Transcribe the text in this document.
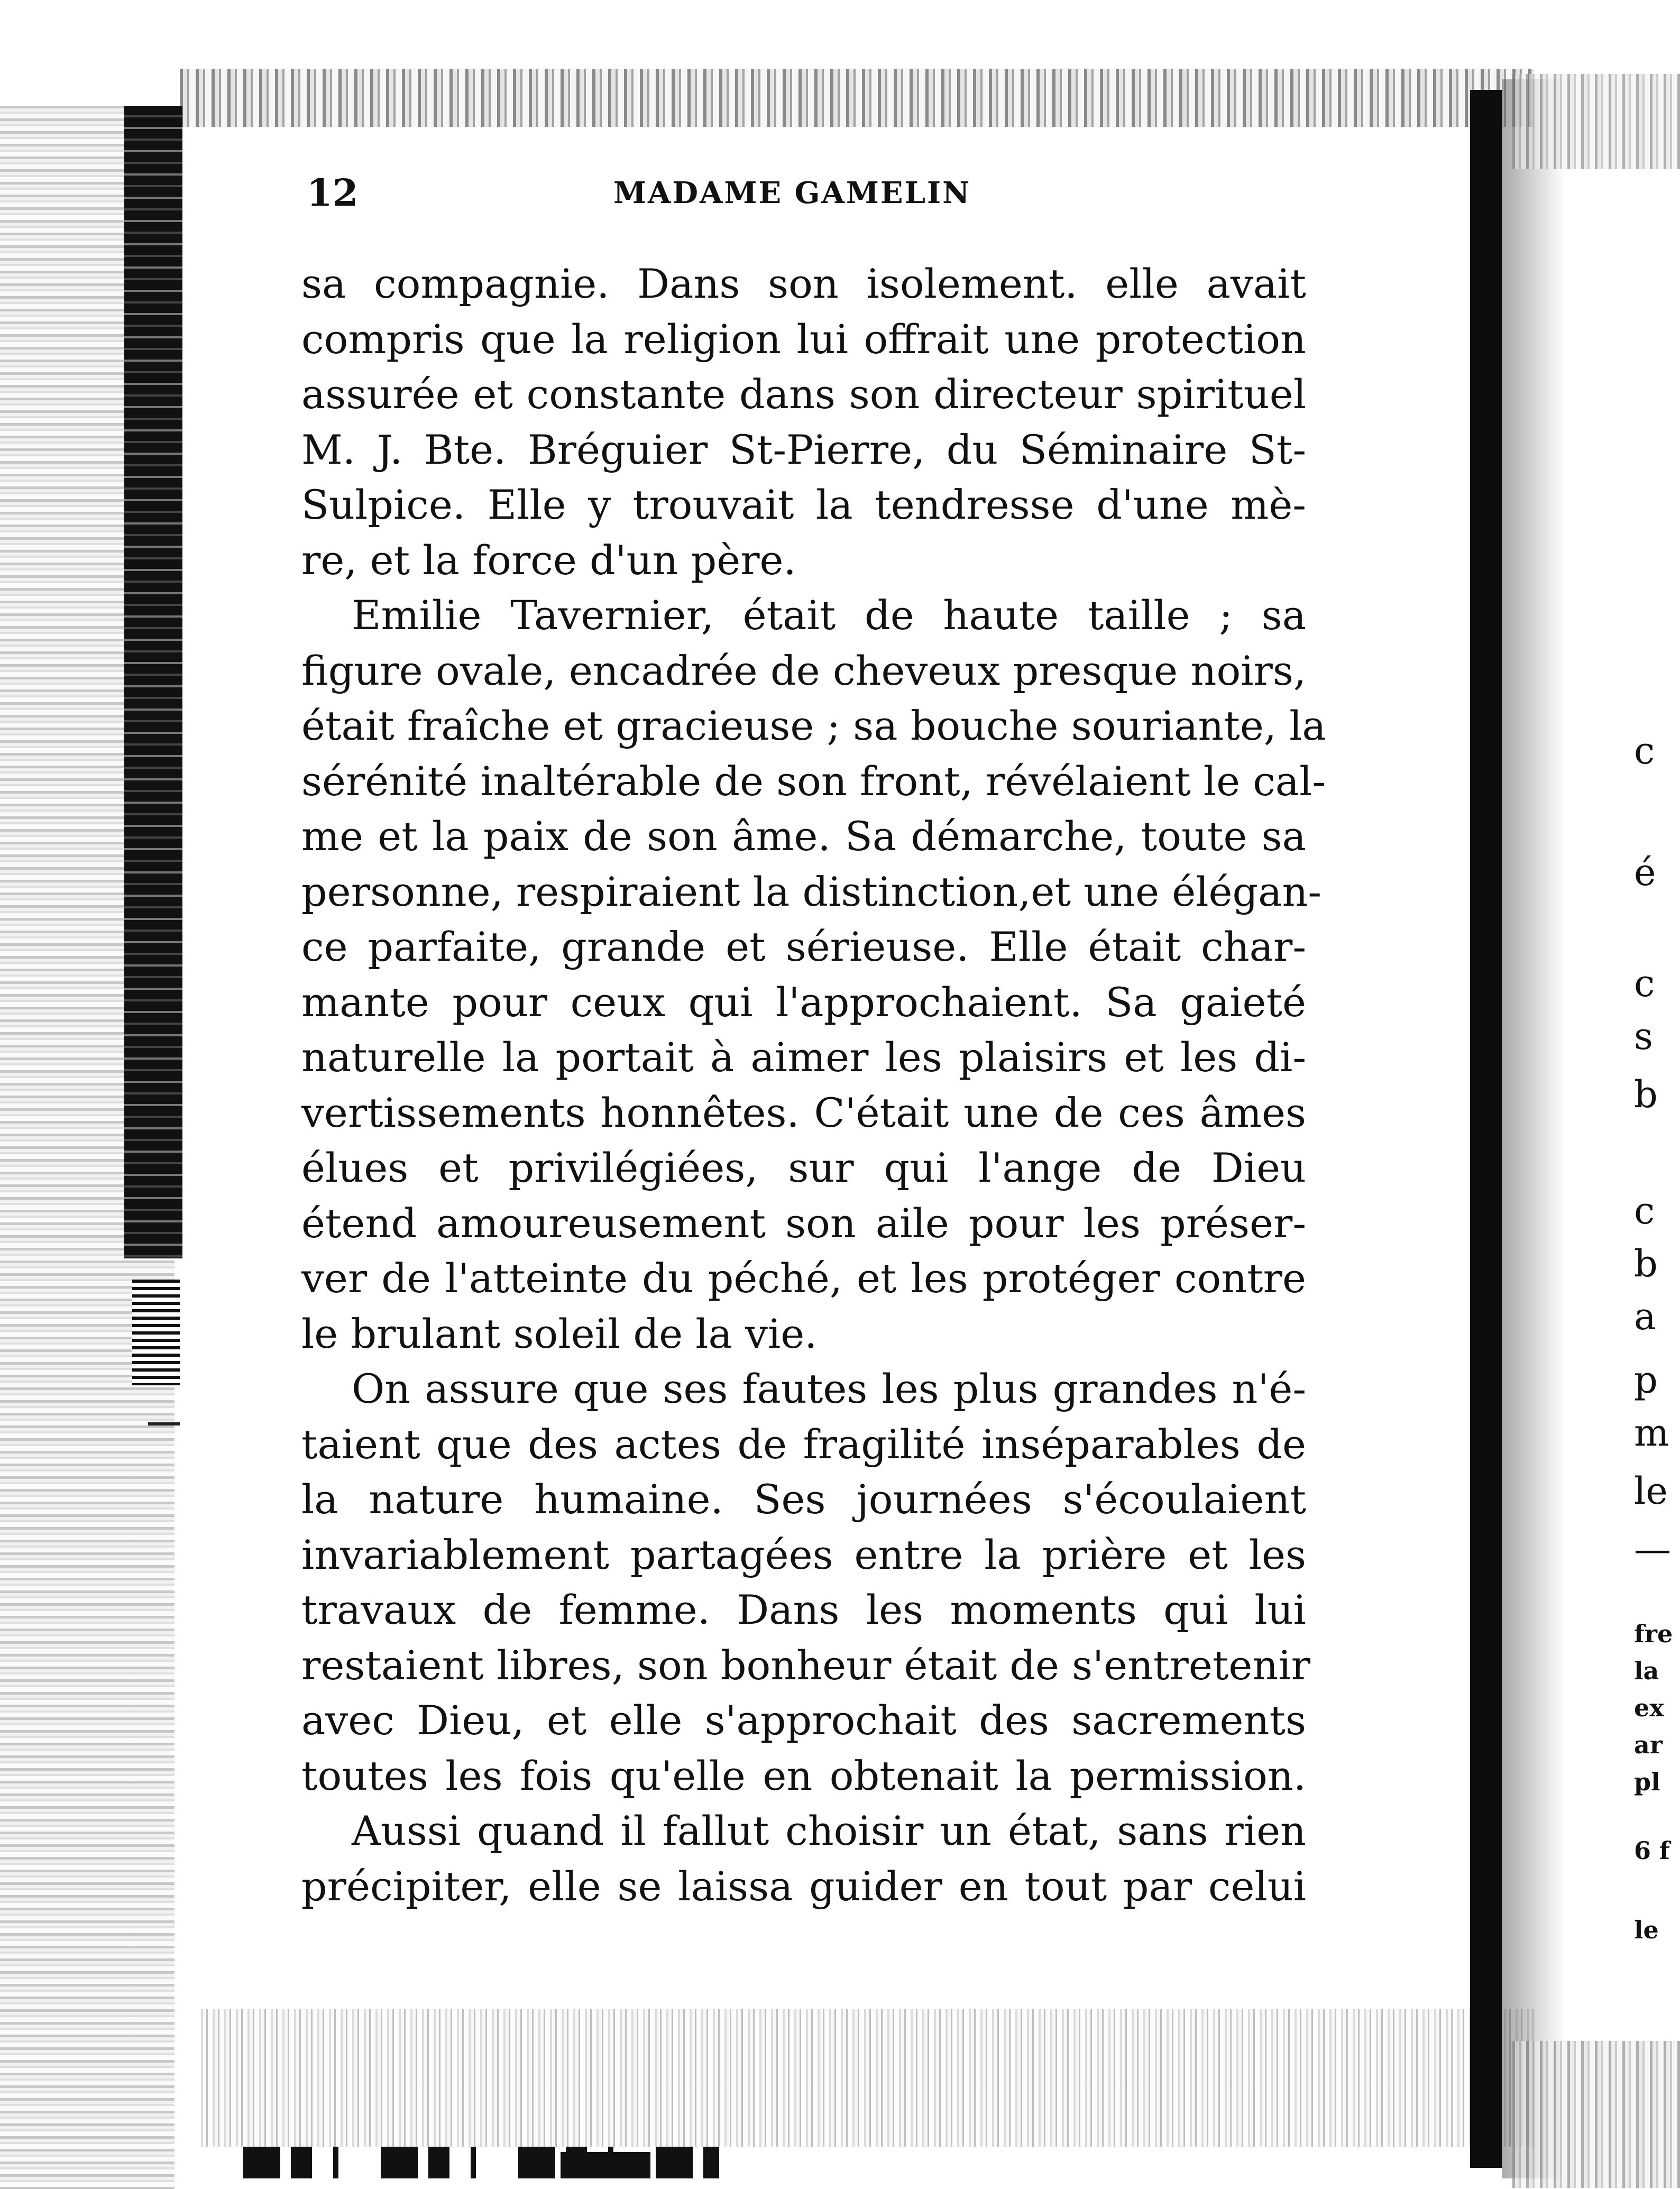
12	MADAME GAMELIN
sa compagnie. Dans son isolement. elle avait
compris que la religion lui offrait une protection
assurée et constante dans son directeur spirituel
M. J. Bte. Bréguier St-Pierre, du Séminaire St-
Sulpice. Elle y trouvait la tendresse d'une mè-
re, et la force d'un père.
Emilie Tavernier, était de haute taille ; sa
figure ovale, encadrée de cheveux presque noirs,
était fraîche et gracieuse ; sa bouche souriante, la
sérénité inaltérable de son front, révélaient le cal-
me et la paix de son âme. Sa démarche, toute sa
personne, respiraient la distinction,et une élégan-
ce parfaite, grande et sérieuse. Elle était char-
mante pour ceux qui l'approchaient. Sa gaieté
naturelle la portait à aimer les plaisirs et les di-
vertissements honnêtes. C'était une de ces âmes
élues et privilégiées, sur qui l'ange de Dieu
étend amoureusement son aile pour les préser-
ver de l'atteinte du péché, et les protéger contre
le brulant soleil de la vie.
On assure que ses fautes les plus grandes n'é-
taient que des actes de fragilité inséparables de
la nature humaine. Ses journées s'écoulaient
invariablement partagées entre la prière et les
travaux de femme. Dans les moments qui lui
restaient libres, son bonheur était de s'entretenir
avec Dieu, et elle s'approchait des sacrements
toutes les fois qu'elle en obtenait la permission.
Aussi quand il fallut choisir un état, sans rien
précipiter, elle se laissa guider en tout par celui
c
é
c
s
b
c
b
a
p
m
le
—
fre
la
ex
ar
pl
6 f
le
